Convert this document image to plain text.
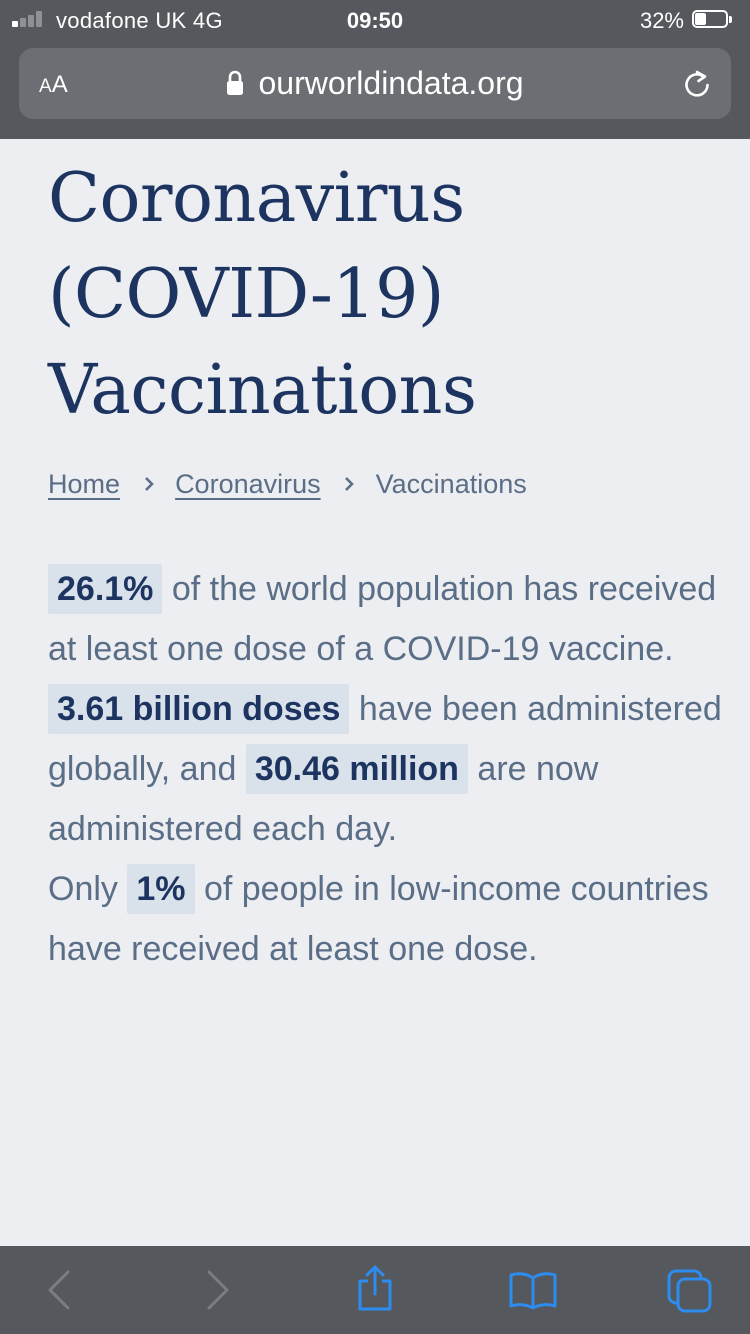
vodafone UK 4G	09:50	32%
AA	ourworldindata.org
Coronavirus
(COVID-19)
Vaccinations
Home Coronavirus Vaccinations

26.1% of the world population has received at least one dose of a COVID-19 vaccine.

3.61 billion doses have been administered globally, and 30.46 million are now administered each day.

Only 1% of people in low-income countries have received at least one dose.
